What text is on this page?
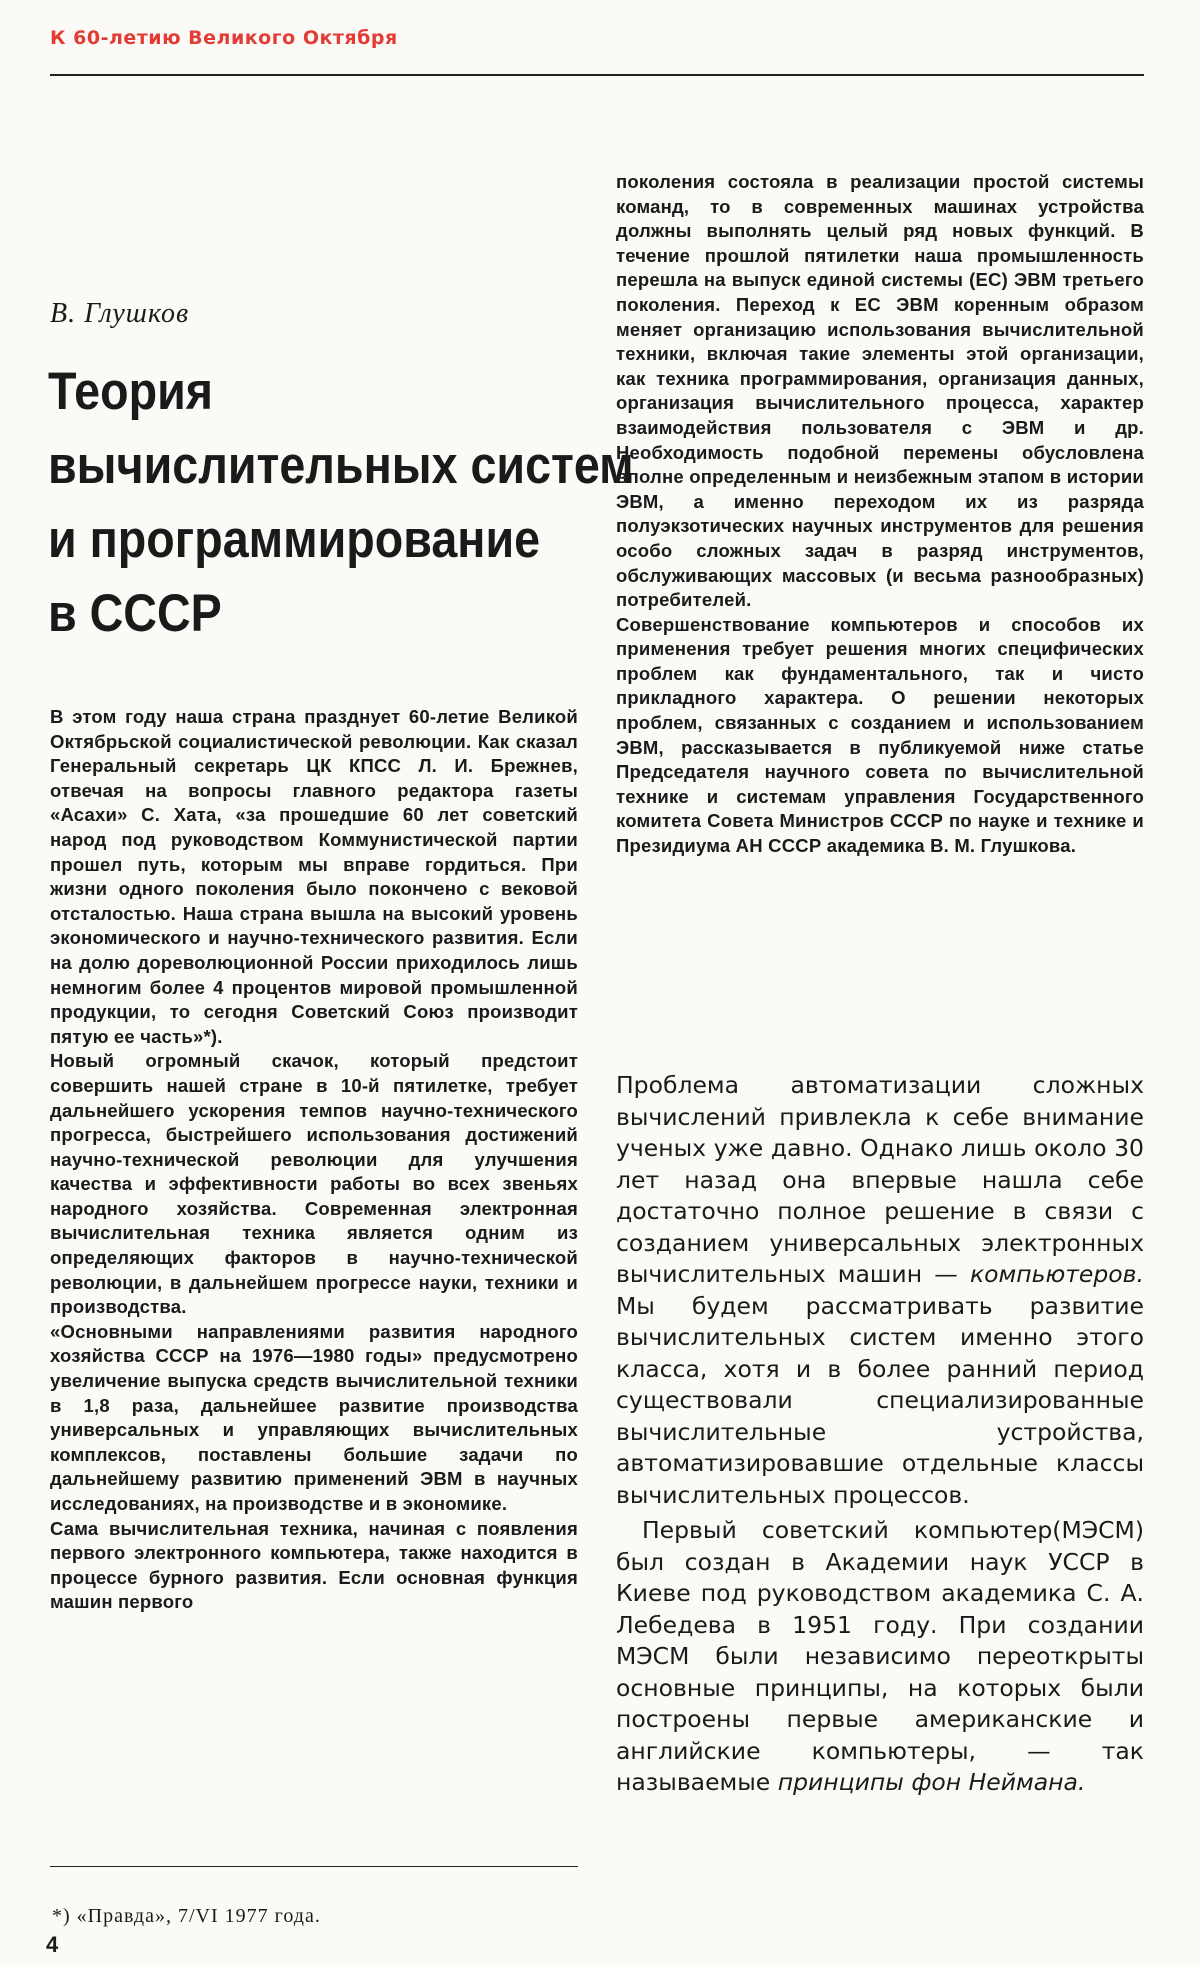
К 60-летию Великого Октября
В. Глушков
Теория
вычислительных систем
и программирование
в СССР

В этом году наша страна празднует 60-летие Великой Октябрьской социалистической революции. Как сказал Генеральный секретарь ЦК КПСС Л. И. Брежнев, отвечая на вопросы главного редактора газеты «Асахи» С. Хата, «за прошедшие 60 лет советский народ под руководством Коммунистической партии прошел путь, которым мы вправе гордиться. При жизни одного поколения было покончено с вековой отсталостью. Наша страна вышла на высокий уровень экономического и научно-технического развития. Если на долю дореволюционной России приходилось лишь немногим более 4 процентов мировой промышленной продукции, то сегодня Советский Союз производит пятую ее часть»*).

Новый огромный скачок, который предстоит совершить нашей стране в 10-й пятилетке, требует дальнейшего ускорения темпов научно-технического прогресса, быстрейшего использования достижений научно-технической революции для улучшения качества и эффективности работы во всех звеньях народного хозяйства. Современная электронная вычислительная техника является одним из определяющих факторов в научно-технической революции, в дальнейшем прогрессе науки, техники и производства.

«Основными направлениями развития народного хозяйства СССР на 1976—1980 годы» предусмотрено увеличение выпуска средств вычислительной техники в 1,8 раза, дальнейшее развитие производства универсальных и управляющих вычислительных комплексов, поставлены большие задачи по дальнейшему развитию применений ЭВМ в научных исследованиях, на производстве и в экономике.

Сама вычислительная техника, начиная с появления первого электронного компьютера, также находится в процессе бурного развития. Если основная функция машин первого

поколения состояла в реализации простой системы команд, то в современных машинах устройства должны выполнять целый ряд новых функций. В течение прошлой пятилетки наша промышленность перешла на выпуск единой системы (ЕС) ЭВМ третьего поколения. Переход к ЕС ЭВМ коренным образом меняет организацию использования вычислительной техники, включая такие элементы этой организации, как техника программирования, организация данных, организация вычислительного процесса, характер взаимодействия пользователя с ЭВМ и др. Необходимость подобной перемены обусловлена вполне определенным и неизбежным этапом в истории ЭВМ, а именно переходом их из разряда полуэкзотических научных инструментов для решения особо сложных задач в разряд инструментов, обслуживающих массовых (и весьма разнообразных) потребителей.

Совершенствование компьютеров и способов их применения требует решения многих специфических проблем как фундаментального, так и чисто прикладного характера. О решении некоторых проблем, связанных с созданием и использованием ЭВМ, рассказывается в публикуемой ниже статье Председателя научного совета по вычислительной технике и системам управления Государственного комитета Совета Министров СССР по науке и технике и Президиума АН СССР академика В. М. Глушкова.

Проблема автоматизации сложных вычислений привлекла к себе внимание ученых уже давно. Однако лишь около 30 лет назад она впервые нашла себе достаточно полное решение в связи с созданием универсальных электронных вычислительных машин — компьютеров. Мы будем рассматривать развитие вычислительных систем именно этого класса, хотя и в более ранний период существовали специализированные вычислительные устройства, автоматизировавшие отдельные классы вычислительных процессов.

Первый советский компьютер(МЭСМ) был создан в Академии наук УССР в Киеве под руководством академика С. А. Лебедева в 1951 году. При создании МЭСМ были независимо переоткрыты основные принципы, на которых были построены первые американские и английские компьютеры, — так называемые принципы фон Неймана.

*) «Правда», 7/VI 1977 года.
4
